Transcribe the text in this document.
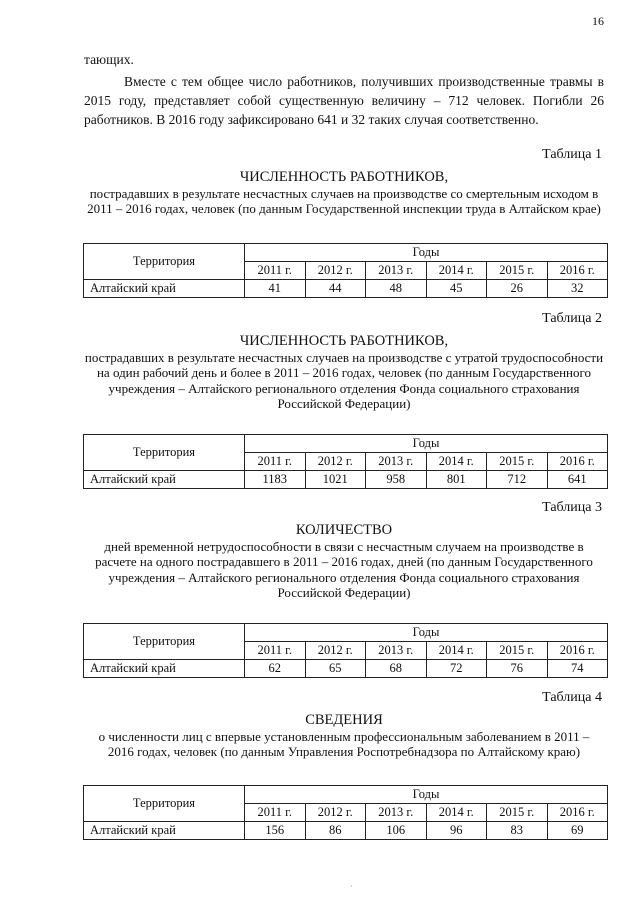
16
тающих.
Вместе с тем общее число работников, получивших производственные травмы в 2015 году, представляет собой существенную величину – 712 человек. Погибли 26 работников. В 2016 году зафиксировано 641 и 32 таких случая соответственно.
Таблица 1
ЧИСЛЕННОСТЬ РАБОТНИКОВ,
пострадавших в результате несчастных случаев на производстве со смертельным исходом в 2011 – 2016 годах, человек (по данным Государственной инспекции труда в Алтайском крае)
Территория	Годы					
	2011 г.	2012 г.	2013 г.	2014 г.	2015 г.	2016 г.
Алтайский край	41	44	48	45	26	32
Таблица 2
ЧИСЛЕННОСТЬ РАБОТНИКОВ,
пострадавших в результате несчастных случаев на производстве с утратой трудоспособности на один рабочий день и более в 2011 – 2016 годах, человек (по данным Государственного учреждения – Алтайского регионального отделения Фонда социального страхования Российской Федерации)
Территория	Годы					
	2011 г.	2012 г.	2013 г.	2014 г.	2015 г.	2016 г.
Алтайский край	1183	1021	958	801	712	641
Таблица 3
КОЛИЧЕСТВО
дней временной нетрудоспособности в связи с несчастным случаем на производстве в расчете на одного пострадавшего в 2011 – 2016 годах, дней (по данным Государственного учреждения – Алтайского регионального отделения Фонда социального страхования Российской Федерации)
Территория	Годы					
	2011 г.	2012 г.	2013 г.	2014 г.	2015 г.	2016 г.
Алтайский край	62	65	68	72	76	74
Таблица 4
СВЕДЕНИЯ
о численности лиц с впервые установленным профессиональным заболеванием в 2011 – 2016 годах, человек (по данным Управления Роспотребнадзора по Алтайскому краю)
Территория	Годы					
	2011 г.	2012 г.	2013 г.	2014 г.	2015 г.	2016 г.
Алтайский край	156	86	106	96	83	69
·
